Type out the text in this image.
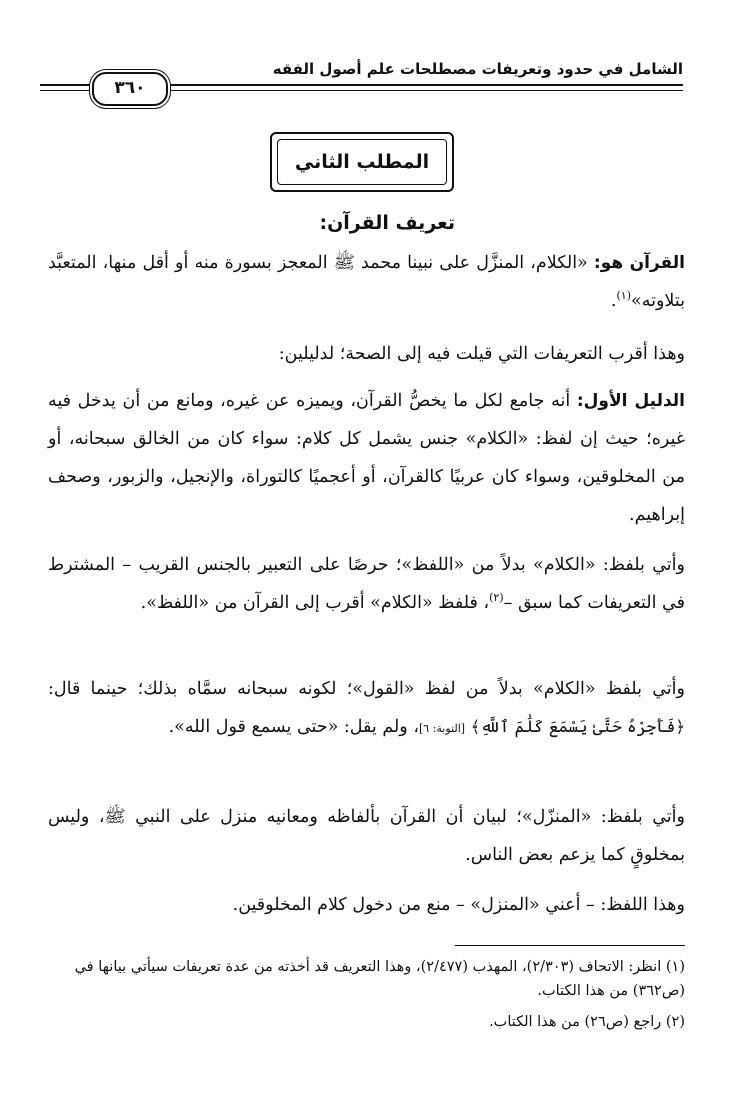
الشامل في حدود وتعريفات مصطلحات علم أصول الفقه
٣٦٠
المطلب الثاني
تعريف القرآن:

القرآن هو: «الكلام، المنزَّل على نبينا محمد ﷺ المعجز بسورة منه أو أقل منها، المتعبَّد بتلاوته»$^{(١)}$.

وهذا أقرب التعريفات التي قيلت فيه إلى الصحة؛ لدليلين:

الدليل الأول: أنه جامع لكل ما يخصُّ القرآن، ويميزه عن غيره، ومانع من أن يدخل فيه غيره؛ حيث إن لفظ: «الكلام» جنس يشمل كل كلام: سواء كان من الخالق سبحانه، أو من المخلوقين، وسواء كان عربيًا كالقرآن، أو أعجميًا كالتوراة، والإنجيل، والزبور، وصحف إبراهيم.

وأتي بلفظ: «الكلام» بدلاً من «اللفظ»؛ حرصًا على التعبير بالجنس القريب – المشترط في التعريفات كما سبق –$^{(٢)}$، فلفظ «الكلام» أقرب إلى القرآن من «اللفظ».

وأتي بلفظ «الكلام» بدلاً من لفظ «القول»؛ لكونه سبحانه سمَّاه بذلك؛ حينما قال: ﴿فَأَجِرْهُ حَتَّىٰ يَسْمَعَ كَلَٰمَ ٱللَّهِ﴾ [التوبة: ٦]، ولم يقل: «حتى يسمع قول الله».

وأتي بلفظ: «المنزّل»؛ لبيان أن القرآن بألفاظه ومعانيه منزل على النبي ﷺ، وليس بمخلوقٍ كما يزعم بعض الناس.

وهذا اللفظ: – أعني «المنزل» – منع من دخول كلام المخلوقين.

(١) انظر: الاتحاف (٢/٣٠٣)، المهذب (٢/٤٧٧)، وهذا التعريف قد أخذته من عدة تعريفات سيأتي بيانها في (ص٣٦٢) من هذا الكتاب.

(٢) راجع (ص٢٦) من هذا الكتاب.
